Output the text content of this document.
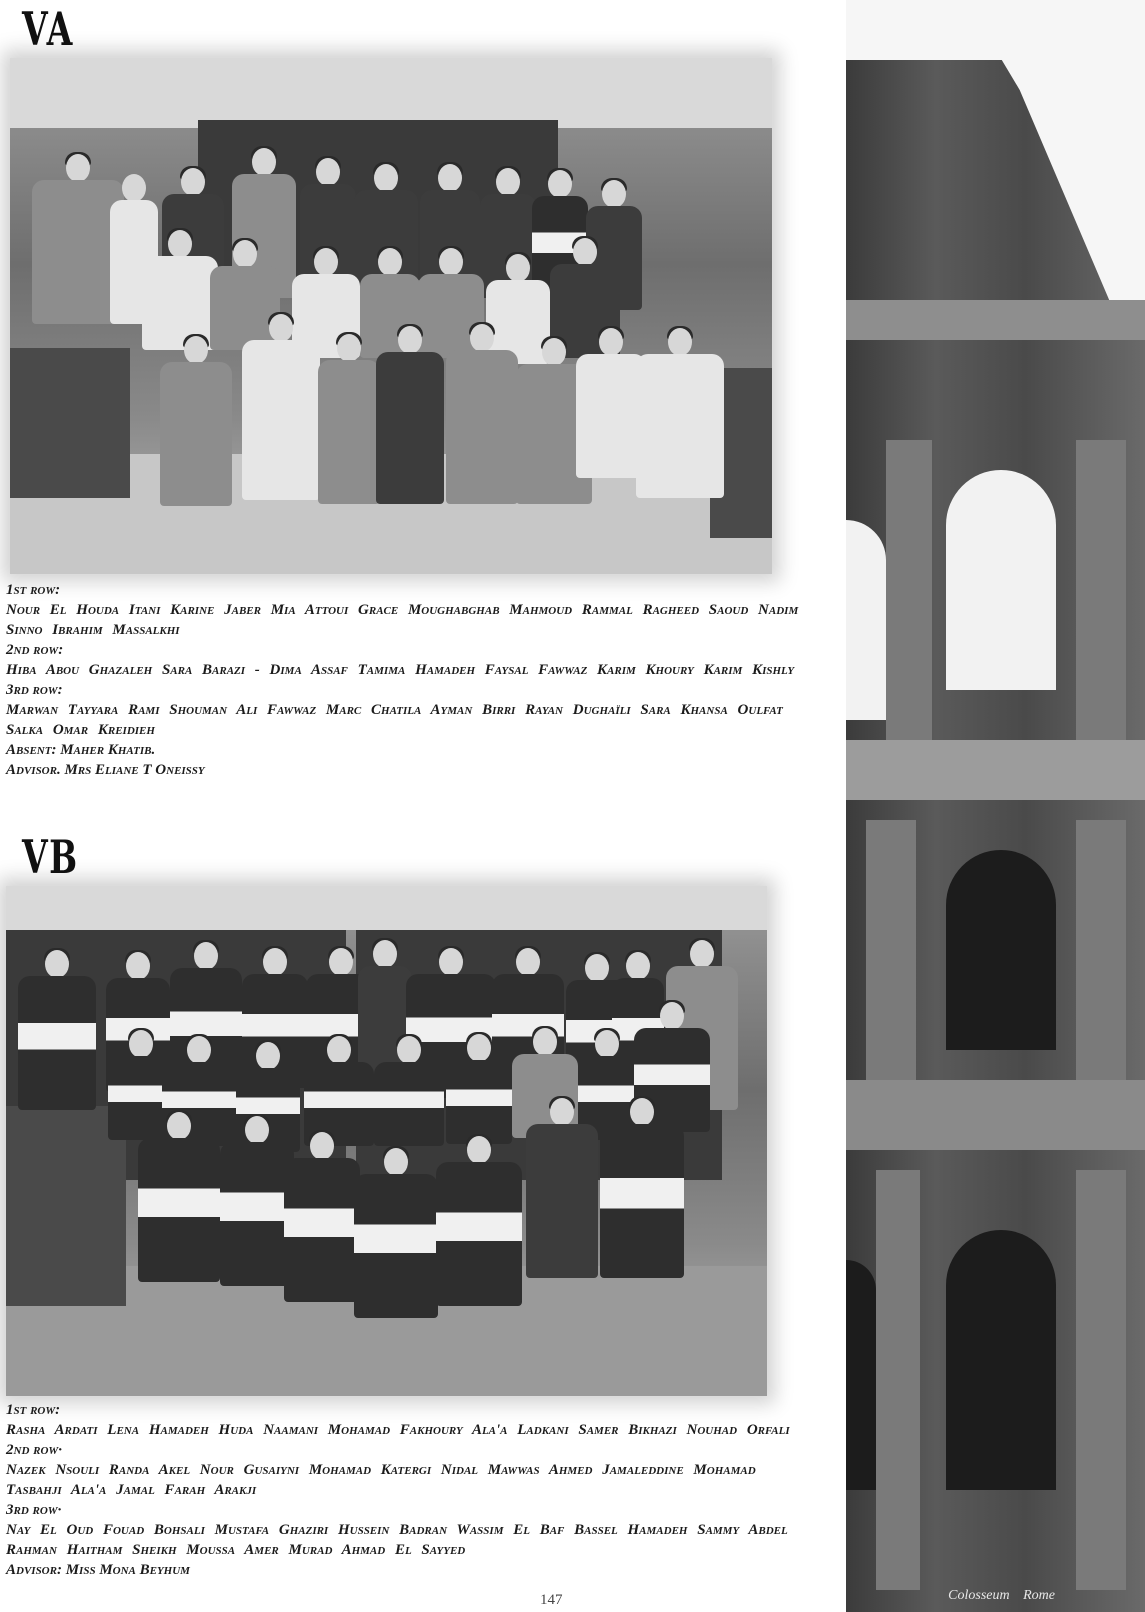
VA
1st row:
Nour El Houda Itani Karine Jaber Mia Attoui Grace Moughabghab Mahmoud Rammal Ragheed Saoud Nadim Sinno Ibrahim Massalkhi
2nd row:
Hiba Abou Ghazaleh Sara Barazi - Dima Assaf Tamima Hamadeh Faysal Fawwaz Karim Khoury Karim Kishly
3rd row:
Marwan Tayyara Rami Shouman Ali Fawwaz Marc Chatila Ayman Birri Rayan Dughaïli Sara Khansa Oulfat Salka Omar Kreidieh
Absent: Maher Khatib.
Advisor. Mrs Eliane T Oneissy
VB
1st row:
Rasha Ardati Lena Hamadeh Huda Naamani Mohamad Fakhoury Ala'a Ladkani Samer Bikhazi Nouhad Orfali
2nd row·
Nazek Nsouli Randa Akel Nour Gusaiyni Mohamad Katergi Nidal Mawwas Ahmed Jamaleddine Mohamad Tasbahji Ala'a Jamal Farah Arakji
3rd row·
Nay El Oud Fouad Bohsali Mustafa Ghaziri Hussein Badran Wassim El Baf Bassel Hamadeh Sammy Abdel Rahman Haitham Sheikh Moussa Amer Murad Ahmad El Sayyed
Advisor: Miss Mona Beyhum
Colosseum Rome
147
